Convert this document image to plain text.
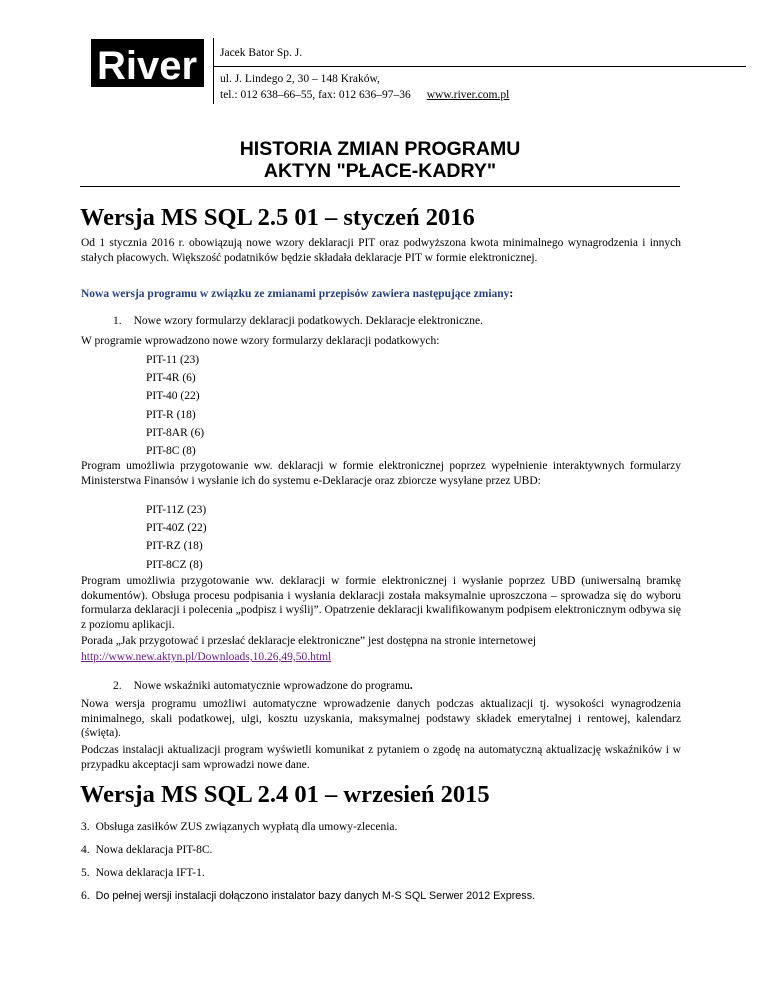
River Jacek Bator Sp. J.
ul. J. Lindego 2, 30 – 148 Kraków,
tel.: 012 638–66–55, fax: 012 636–97–36 www.river.com.pl
HISTORIA ZMIAN PROGRAMU
AKTYN "PŁACE-KADRY"
Wersja MS SQL 2.5 01 – styczeń 2016
Od 1 stycznia 2016 r. obowiązują nowe wzory deklaracji PIT oraz podwyższona kwota minimalnego wynagrodzenia i innych stałych płacowych. Większość podatników będzie składała deklaracje PIT w formie elektronicznej.
Nowa wersja programu w związku ze zmianami przepisów zawiera następujące zmiany:
1. Nowe wzory formularzy deklaracji podatkowych. Deklaracje elektroniczne.
W programie wprowadzono nowe wzory formularzy deklaracji podatkowych:
PIT-11 (23)
PIT-4R (6)
PIT-40 (22)
PIT-R (18)
PIT-8AR (6)
PIT-8C (8)
Program umożliwia przygotowanie ww. deklaracji w formie elektronicznej poprzez wypełnienie interaktywnych formularzy Ministerstwa Finansów i wysłanie ich do systemu e-Deklaracje oraz zbiorcze wysyłane przez UBD:
PIT-11Z (23)
PIT-40Z (22)
PIT-RZ (18)
PIT-8CZ (8)
Program umożliwia przygotowanie ww. deklaracji w formie elektronicznej i wysłanie poprzez UBD (uniwersalną bramkę dokumentów). Obsługa procesu podpisania i wysłania deklaracji została maksymalnie uproszczona – sprowadza się do wyboru formularza deklaracji i polecenia „podpisz i wyślij”. Opatrzenie deklaracji kwalifikowanym podpisem elektronicznym odbywa się z poziomu aplikacji.
Porada „Jak przygotować i przesłać deklaracje elektroniczne” jest dostępna na stronie internetowej
http://www.new.aktyn.pl/Downloads,10.26,49,50.html
2. Nowe wskaźniki automatycznie wprowadzone do programu.
Nowa wersja programu umożliwi automatyczne wprowadzenie danych podczas aktualizacji tj. wysokości wynagrodzenia minimalnego, skali podatkowej, ulgi, kosztu uzyskania, maksymalnej podstawy składek emerytalnej i rentowej, kalendarz (święta).
Podczas instalacji aktualizacji program wyświetli komunikat z pytaniem o zgodę na automatyczną aktualizację wskaźników i w przypadku akceptacji sam wprowadzi nowe dane.
Wersja MS SQL 2.4 01 – wrzesień 2015
3. Obsługa zasiłków ZUS związanych wypłatą dla umowy-zlecenia.
4. Nowa deklaracja PIT-8C.
5. Nowa deklaracja IFT-1.
6. Do pełnej wersji instalacji dołączono instalator bazy danych M-S SQL Serwer 2012 Express.
